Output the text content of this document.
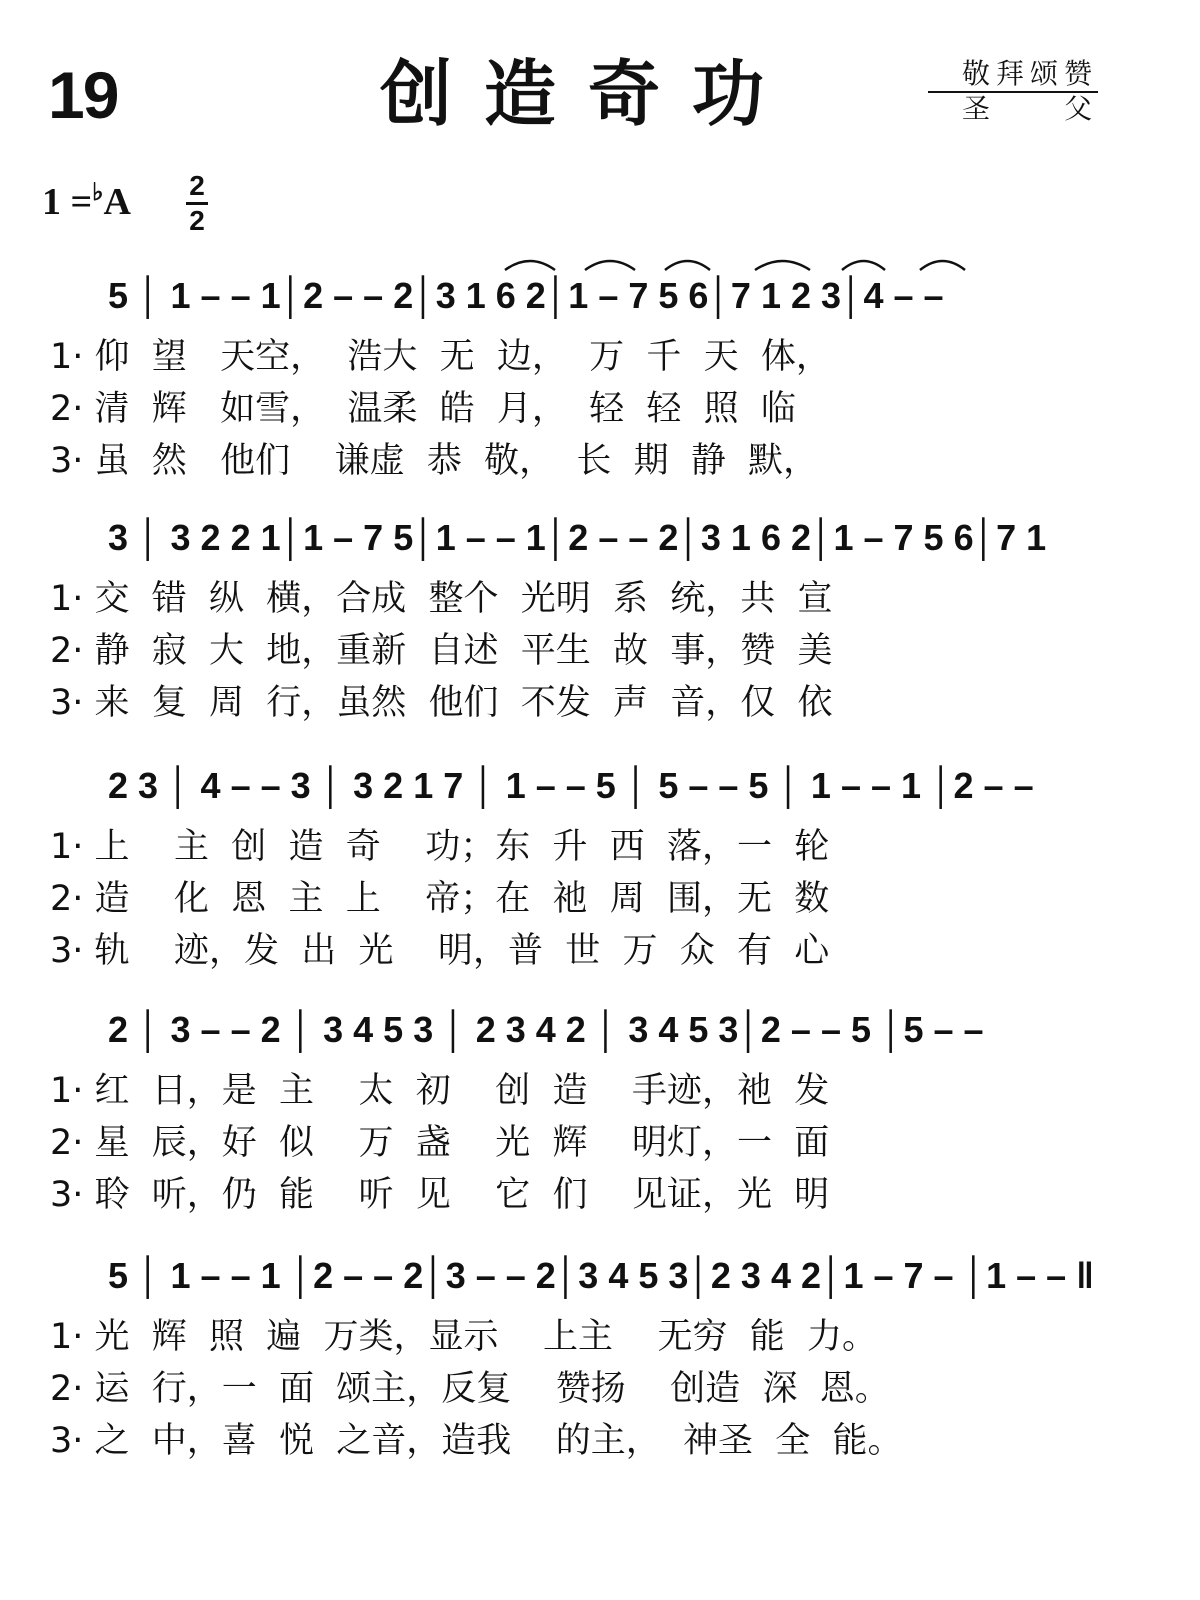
19	创造奇功	敬拜颂赞
圣　　父
1 =♭A 2
2
5 │ 1 – – 1│2 – – 2│3 1 6 2│1 – 7 5 6│7 1 2 3│4 – –
1· 仰  望   天空，  浩大  无  边，  万  千  天  体，
2· 清  辉   如雪，  温柔  皓  月，  轻  轻  照  临
3· 虽  然   他们    谦虚  恭  敬，  长  期  静  默，
3 │ 3 2 2 1│1 – 7 5│1 – – 1│2 – – 2│3 1 6 2│1 – 7 5 6│7 1
1· 交  错  纵  横，合成  整个  光明  系  统，共  宣
2· 静  寂  大  地，重新  自述  平生  故  事，赞  美
3· 来  复  周  行，虽然  他们  不发  声  音，仅  依
2 3 │ 4 – – 3 │ 3 2 1 7 │ 1 – – 5 │ 5 – – 5 │ 1 – – 1 │2 – –
1· 上    主  创  造  奇    功；东  升  西  落，一  轮
2· 造    化  恩  主  上    帝；在  祂  周  围，无  数
3· 轨    迹，发  出  光    明，普  世  万  众  有  心
2 │ 3 – – 2 │ 3 4 5 3 │ 2 3 4 2 │ 3 4 5 3│2 – – 5 │5 – –
1· 红  日，是  主    太  初    创  造    手迹，祂  发
2· 星  辰，好  似    万  盏    光  辉    明灯，一  面
3· 聆  听，仍  能    听  见    它  们    见证，光  明
5 │ 1 – – 1 │2 – – 2│3 – – 2│3 4 5 3│2 3 4 2│1 – 7 – │1 – – ‖
1· 光  辉  照  遍  万类，显示    上主    无穷  能  力。
2· 运  行，一  面  颂主，反复    赞扬    创造  深  恩。
3· 之  中，喜  悦  之音，造我    的主，  神圣  全  能。
